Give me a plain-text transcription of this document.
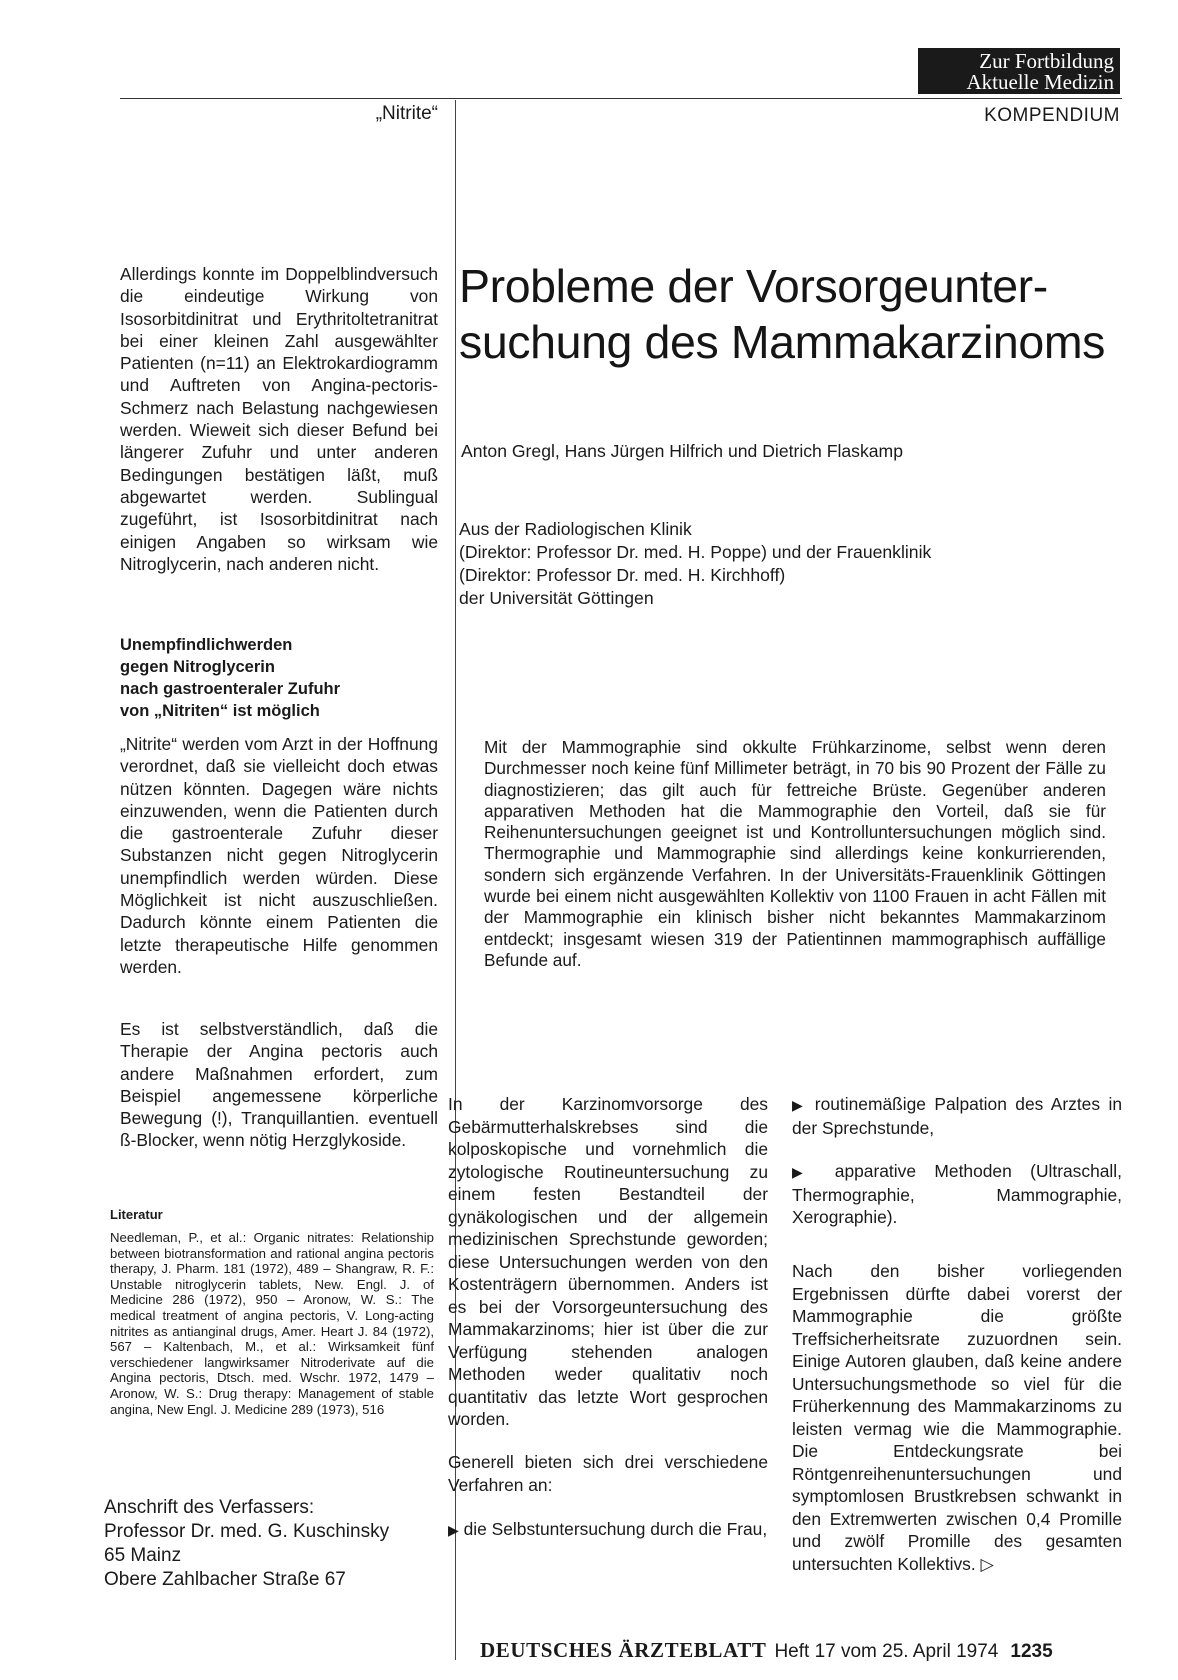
Zur Fortbildung
Aktuelle Medizin
„Nitrite“	KOMPENDIUM

Allerdings konnte im Doppelblindversuch die eindeutige Wirkung von Isosorbitdinitrat und Erythritoltetranitrat bei einer kleinen Zahl ausgewählter Patienten (n=11) an Elektrokardiogramm und Auftreten von Angina-pectoris-Schmerz nach Belastung nachgewiesen werden. Wieweit sich dieser Befund bei längerer Zufuhr und unter anderen Bedingungen bestätigen läßt, muß abgewartet werden. Sublingual zugeführt, ist Isosorbitdinitrat nach einigen Angaben so wirksam wie Nitroglycerin, nach anderen nicht.

Unempfindlichwerden
gegen Nitroglycerin
nach gastroenteraler Zufuhr
von „Nitriten“ ist möglich

„Nitrite“ werden vom Arzt in der Hoffnung verordnet, daß sie vielleicht doch etwas nützen könnten. Dagegen wäre nichts einzuwenden, wenn die Patienten durch die gastroenterale Zufuhr dieser Substanzen nicht gegen Nitroglycerin unempfindlich werden würden. Diese Möglichkeit ist nicht auszuschließen. Dadurch könnte einem Patienten die letzte therapeutische Hilfe genommen werden.

Es ist selbstverständlich, daß die Therapie der Angina pectoris auch andere Maßnahmen erfordert, zum Beispiel angemessene körperliche Bewegung (!), Tranquillantien. eventuell ß-Blocker, wenn nötig Herzglykoside.

Literatur
Needleman, P., et al.: Organic nitrates: Relationship between biotransformation and rational angina pectoris therapy, J. Pharm. 181 (1972), 489 – Shangraw, R. F.: Unstable nitroglycerin tablets, New. Engl. J. of Medicine 286 (1972), 950 – Aronow, W. S.: The medical treatment of angina pectoris, V. Long-acting nitrites as antianginal drugs, Amer. Heart J. 84 (1972), 567 – Kaltenbach, M., et al.: Wirksamkeit fünf verschiedener langwirksamer Nitroderivate auf die Angina pectoris, Dtsch. med. Wschr. 1972, 1479 – Aronow, W. S.: Drug therapy: Management of stable angina, New Engl. J. Medicine 289 (1973), 516
Anschrift des Verfassers:
Professor Dr. med. G. Kuschinsky
65 Mainz
Obere Zahlbacher Straße 67
Probleme der Vorsorgeunter-
suchung des Mammakarzinoms
Anton Gregl, Hans Jürgen Hilfrich und Dietrich Flaskamp
Aus der Radiologischen Klinik
(Direktor: Professor Dr. med. H. Poppe) und der Frauenklinik
(Direktor: Professor Dr. med. H. Kirchhoff)
der Universität Göttingen
Mit der Mammographie sind okkulte Frühkarzinome, selbst wenn deren Durchmesser noch keine fünf Millimeter beträgt, in 70 bis 90 Prozent der Fälle zu diagnostizieren; das gilt auch für fettreiche Brüste. Gegenüber anderen apparativen Methoden hat die Mammographie den Vorteil, daß sie für Reihenuntersuchungen geeignet ist und Kontrolluntersuchungen möglich sind. Thermographie und Mammographie sind allerdings keine konkurrierenden, sondern sich ergänzende Verfahren. In der Universitäts-Frauenklinik Göttingen wurde bei einem nicht ausgewählten Kollektiv von 1100 Frauen in acht Fällen mit der Mammographie ein klinisch bisher nicht bekanntes Mammakarzinom entdeckt; insgesamt wiesen 319 der Patientinnen mammographisch auffällige Befunde auf.

In der Karzinomvorsorge des Gebärmutterhalskrebses sind die kolposkopische und vornehmlich die zytologische Routineuntersuchung zu einem festen Bestandteil der gynäkologischen und der allgemein medizinischen Sprechstunde geworden; diese Untersuchungen werden von den Kostenträgern übernommen. Anders ist es bei der Vorsorgeuntersuchung des Mammakarzinoms; hier ist über die zur Verfügung stehenden analogen Methoden weder qualitativ noch quantitativ das letzte Wort gesprochen worden.

Generell bieten sich drei verschiedene Verfahren an:

▶ die Selbstuntersuchung durch die Frau,

▶ routinemäßige Palpation des Arztes in der Sprechstunde,

▶ apparative Methoden (Ultraschall, Thermographie, Mammographie, Xerographie).

Nach den bisher vorliegenden Ergebnissen dürfte dabei vorerst der Mammographie die größte Treffsicherheitsrate zuzuordnen sein. Einige Autoren glauben, daß keine andere Untersuchungsmethode so viel für die Früherkennung des Mammakarzinoms zu leisten vermag wie die Mammographie. Die Entdeckungsrate bei Röntgenreihenuntersuchungen und symptomlosen Brustkrebsen schwankt in den Extremwerten zwischen 0,4 Promille und zwölf Promille des gesamten untersuchten Kollektivs. ▷

DEUTSCHES ÄRZTEBLATT Heft 17 vom 25. April 1974 1235
